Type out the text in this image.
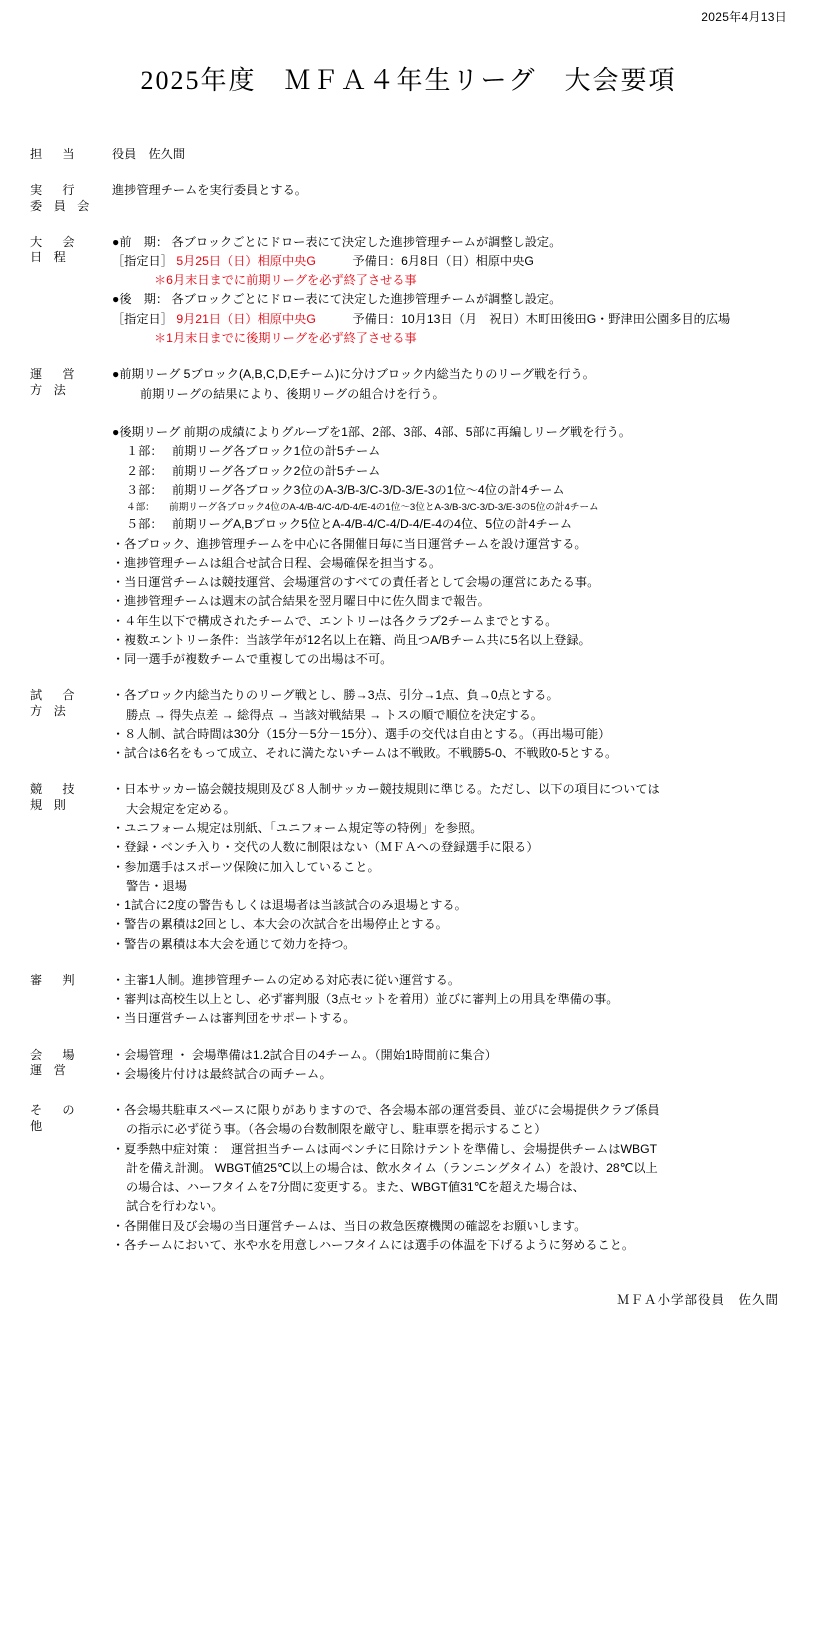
2025年4月13日
2025年度　ＭＦＡ４年生リーグ　大会要項
担　当	役員　佐久間
実　行
委 員 会
進捗管理チームを実行委員とする。
大　会
日 程
●前　期： 各ブロックごとにドロー表にて決定した進捗管理チームが調整し設定。
［指定日］ 5月25日（日）相原中央G　　　予備日：6月8日（日）相原中央G
＊6月末日までに前期リーグを必ず終了させる事
●後　期： 各ブロックごとにドロー表にて決定した進捗管理チームが調整し設定。
［指定日］ 9月21日（日）相原中央G　　　予備日：10月13日（月　祝日）木町田後田G・野津田公園多目的広場
＊1月末日までに後期リーグを必ず終了させる事
運　営
方 法
●前期リーグ 5ブロック(A,B,C,D,Eチーム)に分けブロック内総当たりのリーグ戦を行う。
前期リーグの結果により、後期リーグの組合けを行う。

●後期リーグ 前期の成績によりグループを1部、2部、3部、4部、5部に再編しリーグ戦を行う。
１部：　 前期リーグ各ブロック1位の計5チーム
２部：　 前期リーグ各ブロック2位の計5チーム
３部：　 前期リーグ各ブロック3位のA-3/B-3/C-3/D-3/E-3の1位～4位の計4チーム
４部：　　前期リーグ各ブロック4位のA-4/B-4/C-4/D-4/E-4の1位～3位とA-3/B-3/C-3/D-3/E-3の5位の計4チーム
５部：　 前期リーグA,Bブロック5位とA-4/B-4/C-4/D-4/E-4の4位、5位の計4チーム
・各ブロック、進捗管理チームを中心に各開催日毎に当日運営チームを設け運営する。
・進捗管理チームは組合せ試合日程、会場確保を担当する。
・当日運営チームは競技運営、会場運営のすべての責任者として会場の運営にあたる事。
・進捗管理チームは週末の試合結果を翌月曜日中に佐久間まで報告。
・４年生以下で構成されたチームで、エントリーは各クラブ2チームまでとする。
・複数エントリー条件：当該学年が12名以上在籍、尚且つA/Bチーム共に5名以上登録。
・同一選手が複数チームで重複しての出場は不可。
試　合
方 法
・各ブロック内総当たりのリーグ戦とし、勝→3点、引分→1点、負→0点とする。
勝点 → 得失点差 → 総得点 → 当該対戦結果 → トスの順で順位を決定する。
・８人制、試合時間は30分（15分－5分－15分）、選手の交代は自由とする。（再出場可能）
・試合は6名をもって成立、それに満たないチームは不戦敗。不戦勝5-0、不戦敗0-5とする。
競　技
規 則
・日本サッカー協会競技規則及び８人制サッカー競技規則に準じる。ただし、以下の項目については
大会規定を定める。
・ユニフォーム規定は別紙、「ユニフォーム規定等の特例」を参照。
・登録・ベンチ入り・交代の人数に制限はない（ＭＦＡへの登録選手に限る）
・参加選手はスポーツ保険に加入していること。
警告・退場
・1試合に2度の警告もしくは退場者は当該試合のみ退場とする。
・警告の累積は2回とし、本大会の次試合を出場停止とする。
・警告の累積は本大会を通じて効力を持つ。
審　判	・主審1人制。進捗管理チームの定める対応表に従い運営する。
・審判は高校生以上とし、必ず審判服（3点セットを着用）並びに審判上の用具を準備の事。
・当日運営チームは審判団をサポートする。
会　場
運 営
・会場管理 ・ 会場準備は1.2試合目の4チーム。（開始1時間前に集合）
・会場後片付けは最終試合の両チーム。
そ　の
他
・各会場共駐車スペースに限りがありますので、各会場本部の運営委員、並びに会場提供クラブ係員
の指示に必ず従う事。（各会場の台数制限を厳守し、駐車票を掲示すること）
・夏季熱中症対策 ：　運営担当チームは両ベンチに日除けテントを準備し、会場提供チームはWBGT
計を備え計測。 WBGT値25℃以上の場合は、飲水タイム（ランニングタイム）を設け、28℃以上
の場合は、ハーフタイムを7分間に変更する。また、WBGT値31℃を超えた場合は、
試合を行わない。
・各開催日及び会場の当日運営チームは、当日の救急医療機関の確認をお願いします。
・各チームにおいて、氷や水を用意しハーフタイムには選手の体温を下げるように努めること。
ＭＦＡ小学部役員　佐久間
